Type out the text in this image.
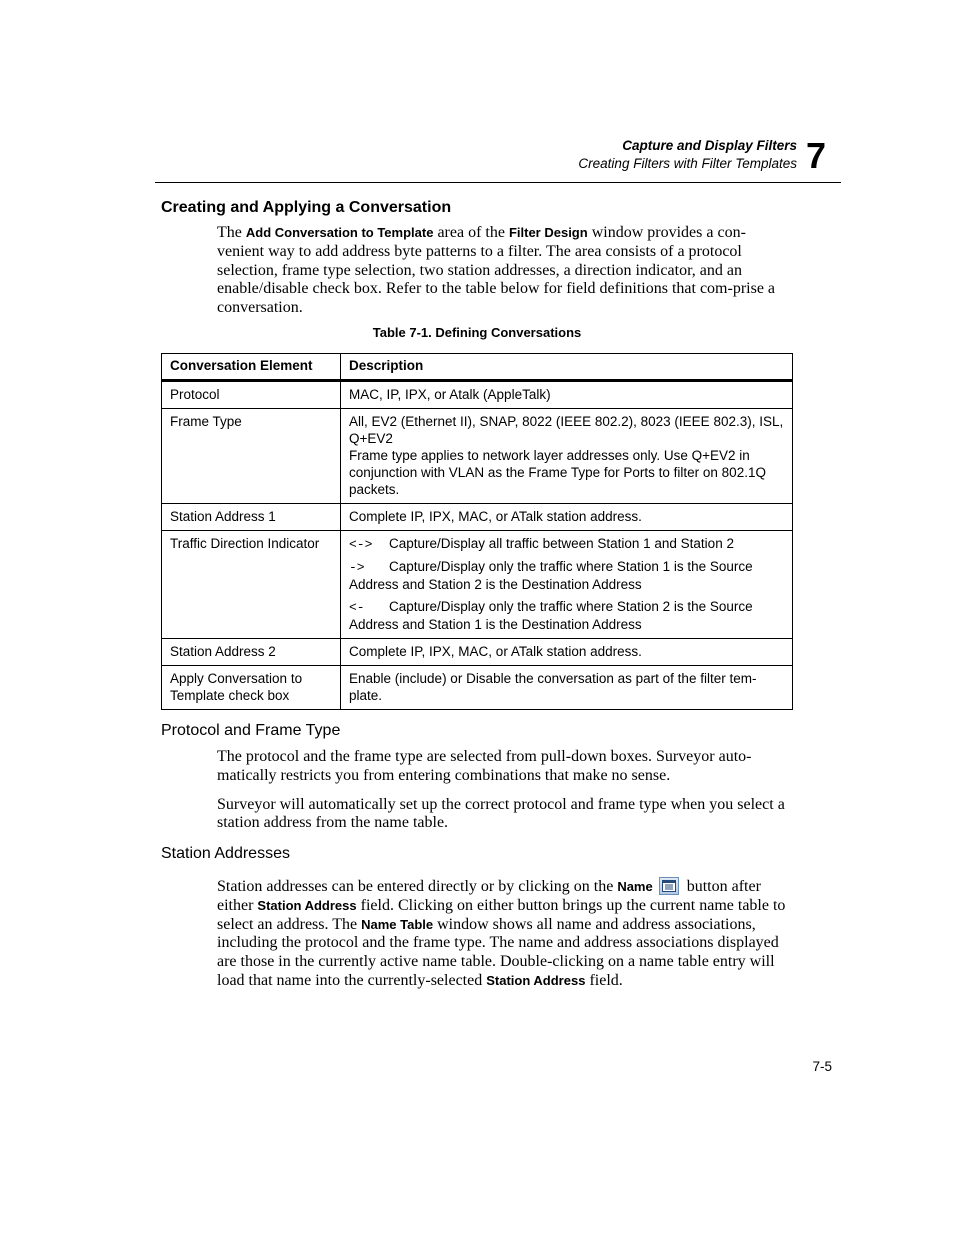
Capture and Display Filters
Creating Filters with Filter Templates 7
Creating and Applying a Conversation

The Add Conversation to Template area of the Filter Design window provides a con-venient way to add address byte patterns to a filter. The area consists of a protocol selection, frame type selection, two station addresses, a direction indicator, and an enable/disable check box. Refer to the table below for field definitions that com-prise a conversation.

Table 7-1. Defining Conversations
Conversation Element	Description
Protocol	MAC, IP, IPX, or Atalk (AppleTalk)
Frame Type	All, EV2 (Ethernet II), SNAP, 8022 (IEEE 802.2), 8023 (IEEE 802.3), ISL, Q+EV2
Frame type applies to network layer addresses only. Use Q+EV2 in conjunction with VLAN as the Frame Type for Ports to filter on 802.1Q packets.

Station Address 1	Complete IP, IPX, MAC, or ATalk station address.
Traffic Direction Indicator	<-> Capture/Display all traffic between Station 1 and Station 2
-> Capture/Display only the traffic where Station 1 is the Source Address and Station 2 is the Destination Address
<- Capture/Display only the traffic where Station 2 is the Source Address and Station 1 is the Destination Address

Station Address 2	Complete IP, IPX, MAC, or ATalk station address.
Apply Conversation to Template check box	Enable (include) or Disable the conversation as part of the filter tem-plate.
Protocol and Frame Type

The protocol and the frame type are selected from pull-down boxes. Surveyor auto-matically restricts you from entering combinations that make no sense.

Surveyor will automatically set up the correct protocol and frame type when you select a station address from the name table.

Station Addresses

Station addresses can be entered directly or by clicking on the Name
button after either Station Address field. Clicking on either button brings up the current name table to select an address. The Name Table window shows all name and address associations, including the protocol and the frame type. The name and address associations displayed are those in the currently active name table. Double-clicking on a name table entry will load that name into the currently-selected Station Address field.

7-5
